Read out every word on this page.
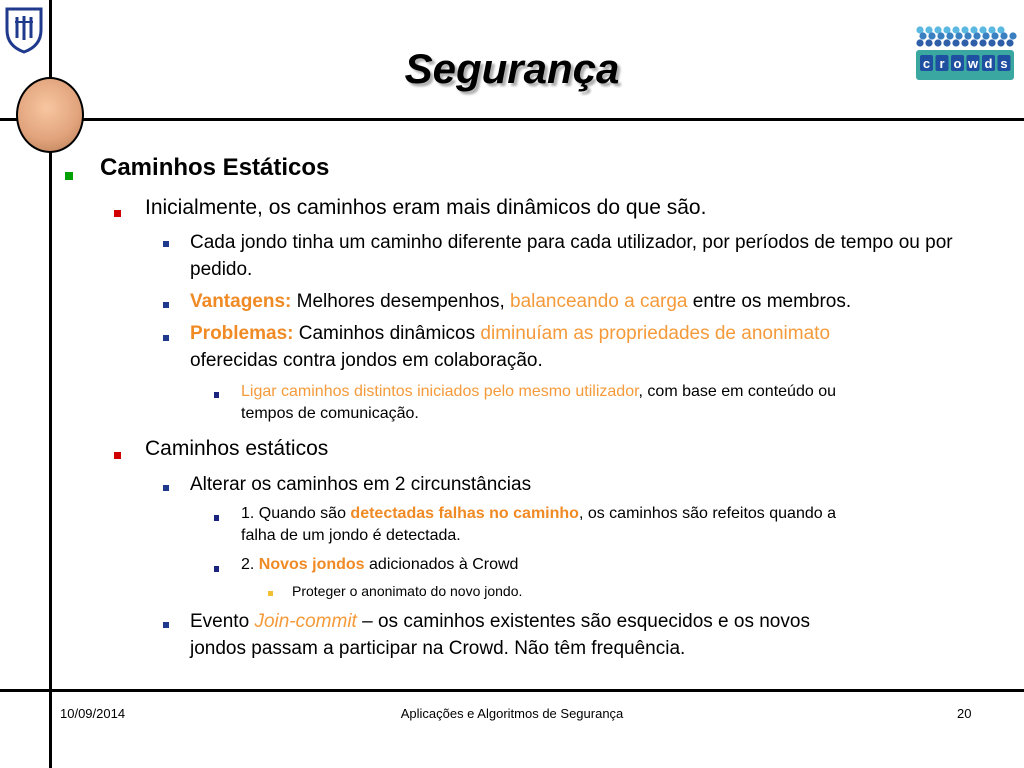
c r o w d s
Segurança
Caminhos Estáticos
Inicialmente, os caminhos eram mais dinâmicos do que são.
Cada jondo tinha um caminho diferente para cada utilizador, por períodos de tempo ou por pedido.
Vantagens: Melhores desempenhos, balanceando a carga entre os membros.
Problemas: Caminhos dinâmicos diminuíam as propriedades de anonimato
oferecidas contra jondos em colaboração.
Ligar caminhos distintos iniciados pelo mesmo utilizador, com base em conteúdo ou
tempos de comunicação.
Caminhos estáticos
Alterar os caminhos em 2 circunstâncias
1. Quando são detectadas falhas no caminho, os caminhos são refeitos quando a
falha de um jondo é detectada.
2. Novos jondos adicionados à Crowd
Proteger o anonimato do novo jondo.
Evento Join-commit – os caminhos existentes são esquecidos e os novos
jondos passam a participar na Crowd. Não têm frequência.
10/09/2014	Aplicações e Algoritmos de Segurança	20
